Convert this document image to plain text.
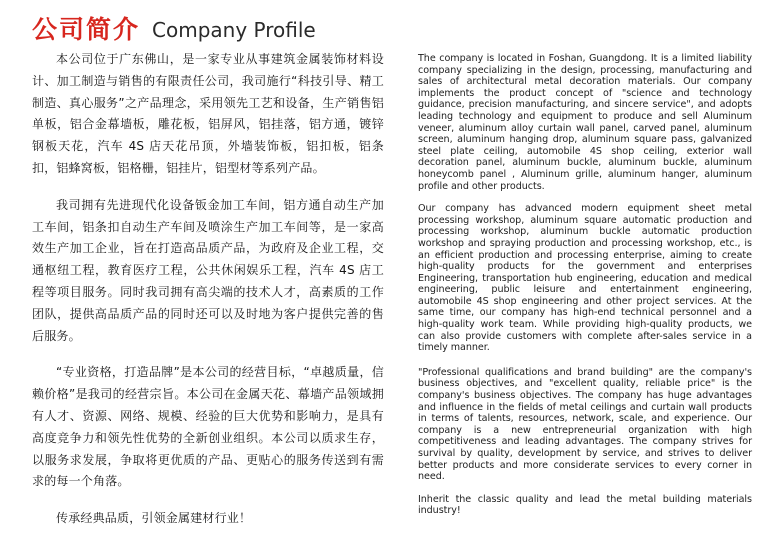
公司简介 Company Profile

本公司位于广东佛山，是一家专业从事建筑金属装饰材料设计、加工制造与销售的有限责任公司，我司施行“科技引导、精工制造、真心服务”之产品理念，采用领先工艺和设备，生产销售铝单板，铝合金幕墙板，雕花板，铝屏风，铝挂落，铝方通，镀锌钢板天花，汽车 4S 店天花吊顶，外墙装饰板，铝扣板，铝条扣，铝蜂窝板，铝格栅，铝挂片，铝型材等系列产品。

我司拥有先进现代化设备钣金加工车间，铝方通自动生产加工车间，铝条扣自动生产车间及喷涂生产加工车间等，是一家高效生产加工企业，旨在打造高品质产品，为政府及企业工程，交通枢纽工程，教育医疗工程，公共休闲娱乐工程，汽车 4S 店工程等项目服务。同时我司拥有高尖端的技术人才，高素质的工作团队，提供高品质产品的同时还可以及时地为客户提供完善的售后服务。

“专业资格，打造品牌”是本公司的经营目标，“卓越质量，信赖价格”是我司的经营宗旨。本公司在金属天花、幕墙产品领域拥有人才、资源、网络、规模、经验的巨大优势和影响力，是具有高度竞争力和领先性优势的全新创业组织。本公司以质求生存，以服务求发展，争取将更优质的产品、更贴心的服务传送到有需求的每一个角落。

传承经典品质，引领金属建材行业！

The company is located in Foshan, Guangdong. It is a limited liability company specializing in the design, processing, manufacturing and sales of architectural metal decoration materials. Our company implements the product concept of "science and technology guidance, precision manufacturing, and sincere service", and adopts leading technology and equipment to produce and sell Aluminum veneer, aluminum alloy curtain wall panel, carved panel, aluminum screen, aluminum hanging drop, aluminum square pass, galvanized steel plate ceiling, automobile 4S shop ceiling, exterior wall decoration panel, aluminum buckle, aluminum buckle, aluminum honeycomb panel , Aluminum grille, aluminum hanger, aluminum profile and other products.

Our company has advanced modern equipment sheet metal processing workshop, aluminum square automatic production and processing workshop, aluminum buckle automatic production workshop and spraying production and processing workshop, etc., is an efficient production and processing enterprise, aiming to create high-quality products for the government and enterprises Engineering, transportation hub engineering, education and medical engineering, public leisure and entertainment engineering, automobile 4S shop engineering and other project services. At the same time, our company has high-end technical personnel and a high-quality work team. While providing high-quality products, we can also provide customers with complete after-sales service in a timely manner.

"Professional qualifications and brand building" are the company's business objectives, and "excellent quality, reliable price" is the company's business objectives. The company has huge advantages and influence in the fields of metal ceilings and curtain wall products in terms of talents, resources, network, scale, and experience. Our company is a new entrepreneurial organization with high competitiveness and leading advantages. The company strives for survival by quality, development by service, and strives to deliver better products and more considerate services to every corner in need.

Inherit the classic quality and lead the metal building materials industry!
